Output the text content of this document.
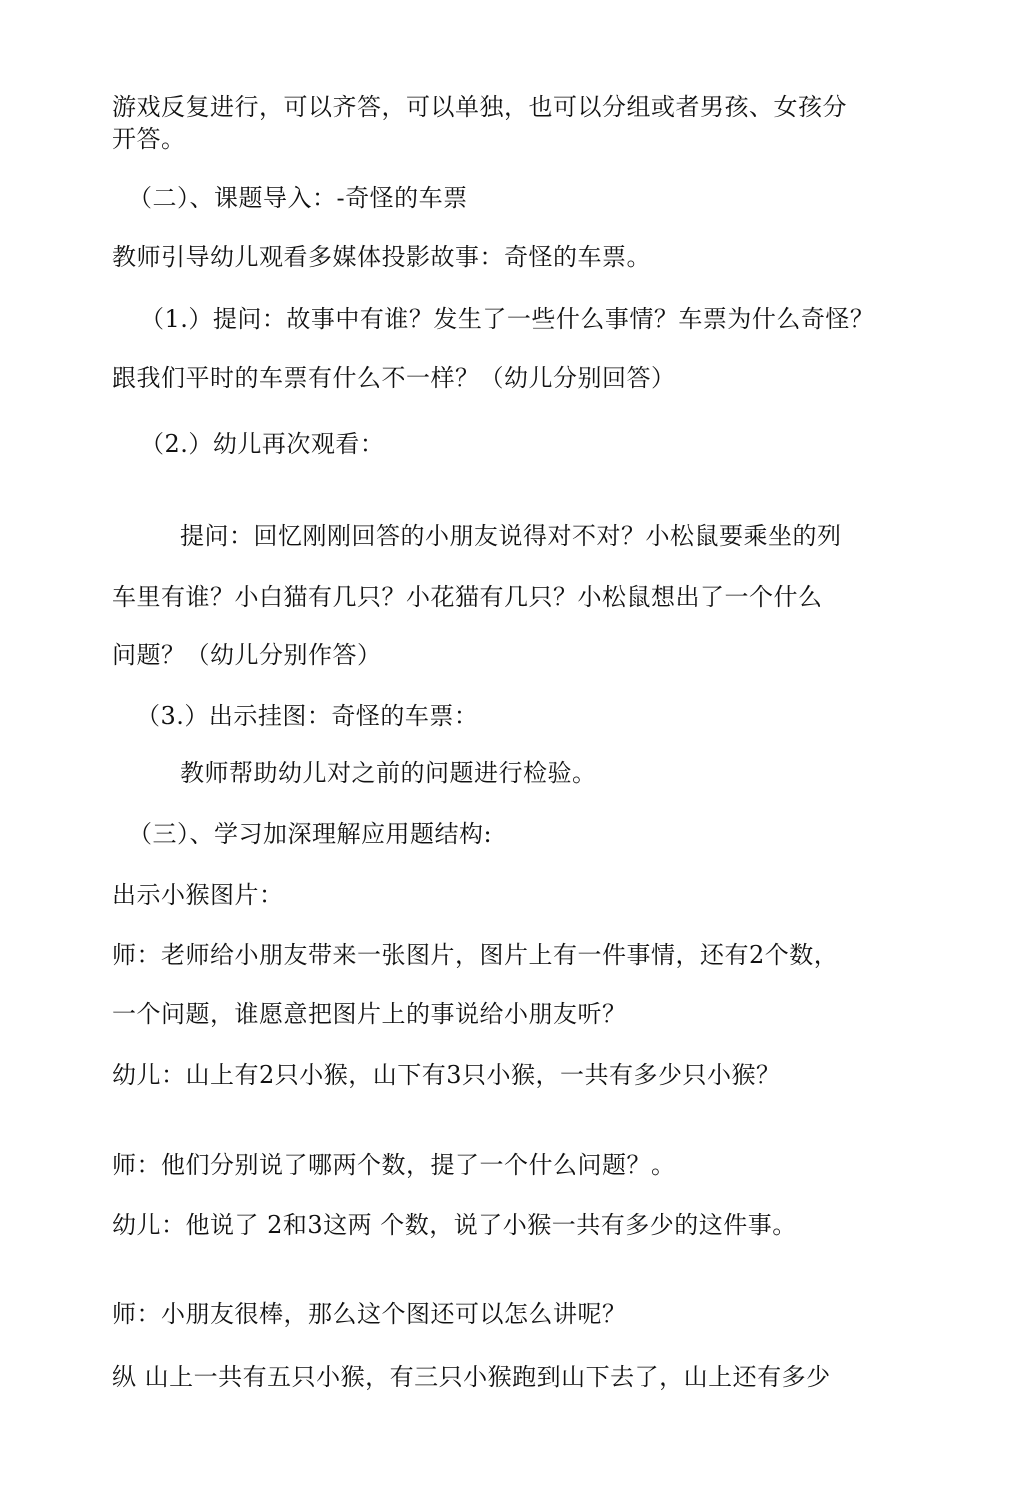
游戏反复进行，可以齐答，可以单独，也可以分组或者男孩、女孩分
开答。
（二）、课题导入：-奇怪的车票
教师引导幼儿观看多媒体投影故事：奇怪的车票。
（1.）提问：故事中有谁？发生了一些什么事情？车票为什么奇怪？
跟我们平时的车票有什么不一样？（幼儿分别回答）
（2.）幼儿再次观看：
提问：回忆刚刚回答的小朋友说得对不对？小松鼠要乘坐的列
车里有谁？小白猫有几只？小花猫有几只？小松鼠想出了一个什么
问题？（幼儿分别作答）
（3.）出示挂图：奇怪的车票：
教师帮助幼儿对之前的问题进行检验。
（三）、学习加深理解应用题结构:
出示小猴图片：
师：老师给小朋友带来一张图片，图片上有一件事情，还有2个数，
一个问题，谁愿意把图片上的事说给小朋友听？
幼儿：山上有2只小猴，山下有3只小猴，一共有多少只小猴？
师：他们分别说了哪两个数，提了一个什么问题？。
幼儿：他说了 2和3这两 个数，说了小猴一共有多少的这件事。
师：小朋友很棒，那么这个图还可以怎么讲呢？
纵 山上一共有五只小猴，有三只小猴跑到山下去了，山上还有多少
